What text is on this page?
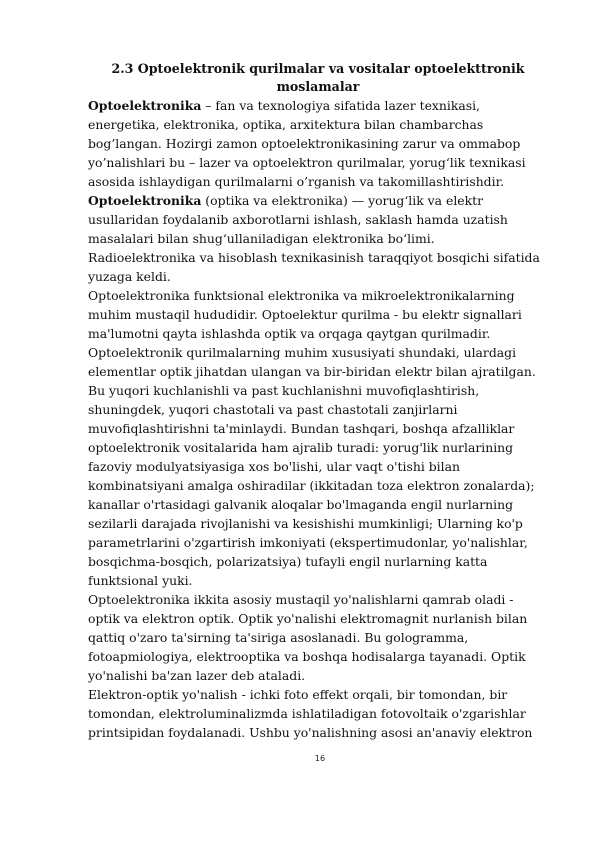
2.3 Optoelektronik qurilmalar va vositalar optoelekttronik
moslamalar
Optoelektronika – fan va texnologiya sifatida lazer texnikasi,
energetika, elektronika, optika, arxitektura bilan chambarchas
bog’langan. Hozirgi zamon optoelektronikasining zarur va ommabop
yo’nalishlari bu – lazer va optoelektron qurilmalar, yorug‘lik texnikasi
asosida ishlaydigan qurilmalarni o’rganish va takomillashtirishdir.
Optoelektronika (optika va elektronika) — yorug‘lik va elektr
usullaridan foydalanib axborotlarni ishlash, saklash hamda uzatish
masalalari bilan shug‘ullaniladigan elektronika bo‘limi.
Radioelektronika va hisoblash texnikasinish taraqqiyot bosqichi sifatida
yuzaga keldi.
Optoelektronika funktsional elektronika va mikroelektronikalarning
muhim mustaqil hududidir. Optoelektur qurilma - bu elektr signallari
ma'lumotni qayta ishlashda optik va orqaga qaytgan qurilmadir.
Optoelektronik qurilmalarning muhim xususiyati shundaki, ulardagi
elementlar optik jihatdan ulangan va bir-biridan elektr bilan ajratilgan.
Bu yuqori kuchlanishli va past kuchlanishni muvofiqlashtirish,
shuningdek, yuqori chastotali va past chastotali zanjirlarni
muvofiqlashtirishni ta'minlaydi. Bundan tashqari, boshqa afzalliklar
optoelektronik vositalarida ham ajralib turadi: yorug'lik nurlarining
fazoviy modulyatsiyasiga xos bo'lishi, ular vaqt o'tishi bilan
kombinatsiyani amalga oshiradilar (ikkitadan toza elektron zonalarda);
kanallar o'rtasidagi galvanik aloqalar bo'lmaganda engil nurlarning
sezilarli darajada rivojlanishi va kesishishi mumkinligi; Ularning ko'p
parametrlarini o'zgartirish imkoniyati (ekspertimudonlar, yo'nalishlar,
bosqichma-bosqich, polarizatsiya) tufayli engil nurlarning katta
funktsional yuki.
Optoelektronika ikkita asosiy mustaqil yo'nalishlarni qamrab oladi -
optik va elektron optik. Optik yo'nalishi elektromagnit nurlanish bilan
qattiq o'zaro ta'sirning ta'siriga asoslanadi. Bu gologramma,
fotoapmiologiya, elektrooptika va boshqa hodisalarga tayanadi. Optik
yo'nalishi ba'zan lazer deb ataladi.
Elektron-optik yo'nalish - ichki foto effekt orqali, bir tomondan, bir
tomondan, elektroluminalizmda ishlatiladigan fotovoltaik o'zgarishlar
printsipidan foydalanadi. Ushbu yo'nalishning asosi an'anaviy elektron
16
